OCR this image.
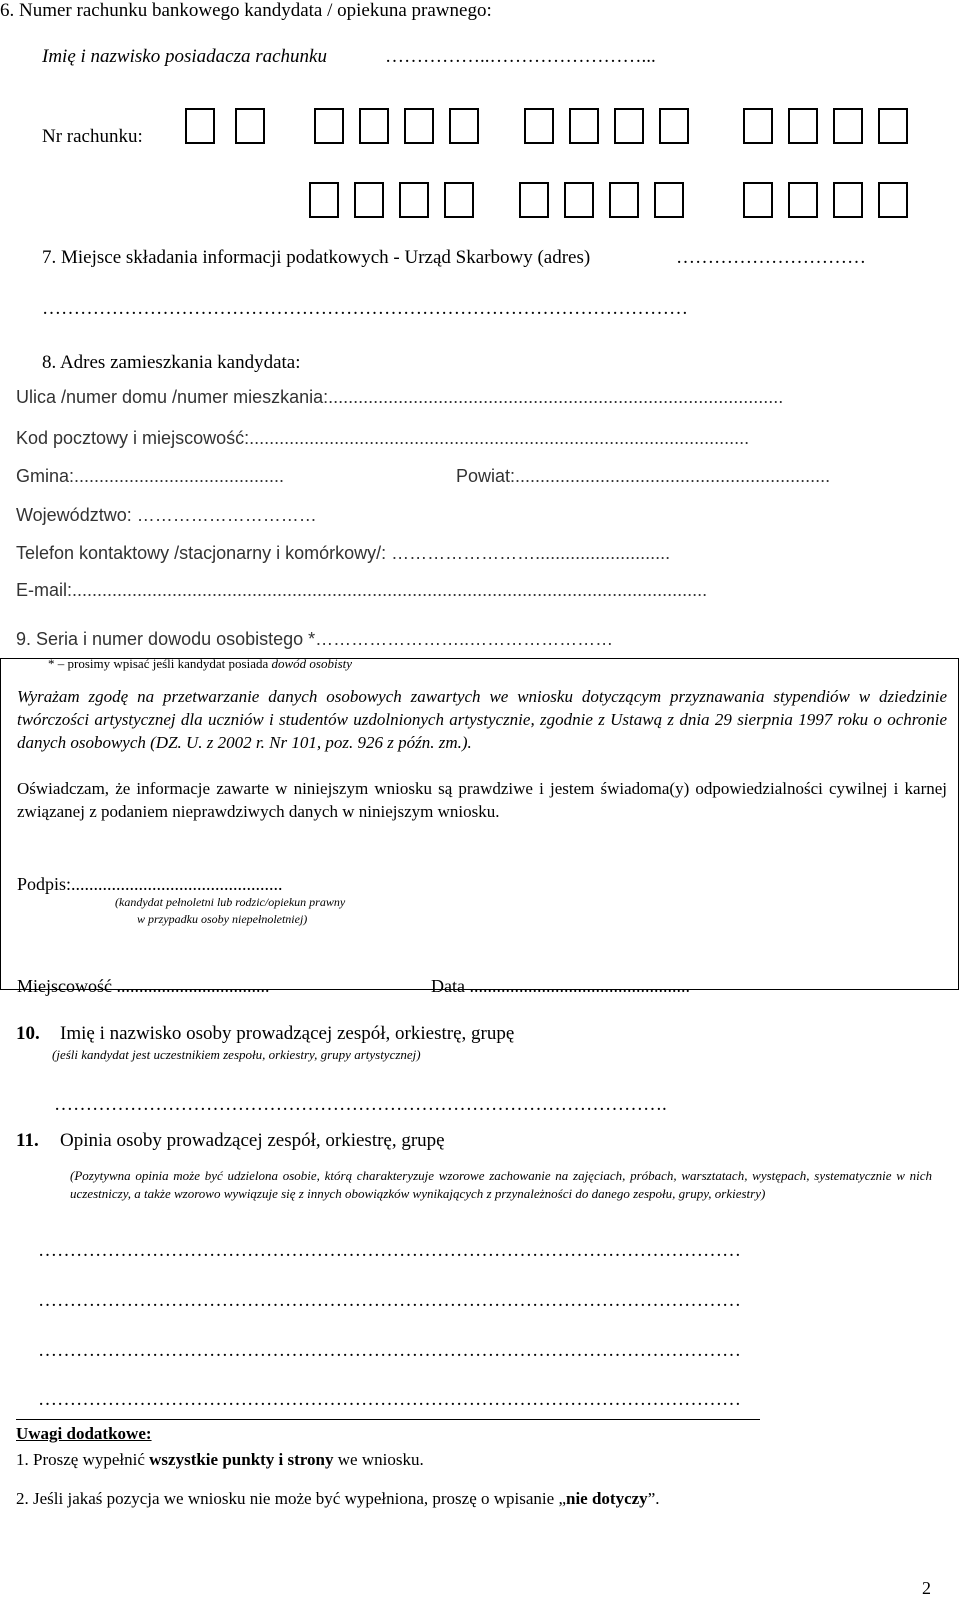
6. Numer rachunku bankowego kandydata / opiekuna prawnego:
Imię i nazwisko posiadacza rachunku	……………..……………………...
Nr rachunku:
7. Miejsce składania informacji podatkowych - Urząd Skarbowy (adres)	…………………………
…………………………………………………………………………………………
8. Adres zamieszkania kandydata:
Ulica /numer domu /numer mieszkania:...........................................................................................
Kod pocztowy i miejscowość:....................................................................................................
Gmina:..........................................	Powiat:...............................................................
Województwo: …………………………
Telefon kontaktowy /stacjonarny i komórkowy/: ……………………...........................
E-mail:...............................................................................................................................
9. Seria i numer dowodu osobistego *……………………..……………………
* – prosimy wpisać jeśli kandydat posiada dowód osobisty
Wyrażam zgodę na przetwarzanie danych osobowych zawartych we wniosku dotyczącym przyznawania stypendiów w dziedzinie twórczości artystycznej dla uczniów i studentów uzdolnionych artystycznie, zgodnie z Ustawą z dnia 29 sierpnia 1997 roku o ochronie danych osobowych (DZ. U. z 2002 r. Nr 101, poz. 926 z późn. zm.).
Oświadczam, że informacje zawarte w niniejszym wniosku są prawdziwe i jestem świadoma(y) odpowiedzialności cywilnej i karnej związanej z podaniem nieprawdziwych danych w niniejszym wniosku.
Podpis:...............................................
(kandydat pełnoletni lub rodzic/opiekun prawny
w przypadku osoby niepełnoletniej)
Miejscowość ..................................	Data .................................................
10. Imię i nazwisko osoby prowadzącej zespół, orkiestrę, grupę
(jeśli kandydat jest uczestnikiem zespołu, orkiestry, grupy artystycznej)
…………………………………………………………………………………….
11. Opinia osoby prowadzącej zespół, orkiestrę, grupę
(Pozytywna opinia może być udzielona osobie, którą charakteryzuje wzorowe zachowanie na zajęciach, próbach, warsztatach, występach, systematycznie w nich uczestniczy, a także wzorowo wywiązuje się z innych obowiązków wynikających z przynależności do danego zespołu, grupy, orkiestry)
…………………………………………………………………………………………………
…………………………………………………………………………………………………
…………………………………………………………………………………………………
…………………………………………………………………………………………………
Uwagi dodatkowe:
1. Proszę wypełnić wszystkie punkty i strony we wniosku.
2. Jeśli jakaś pozycja we wniosku nie może być wypełniona, proszę o wpisanie „nie dotyczy”.
2
